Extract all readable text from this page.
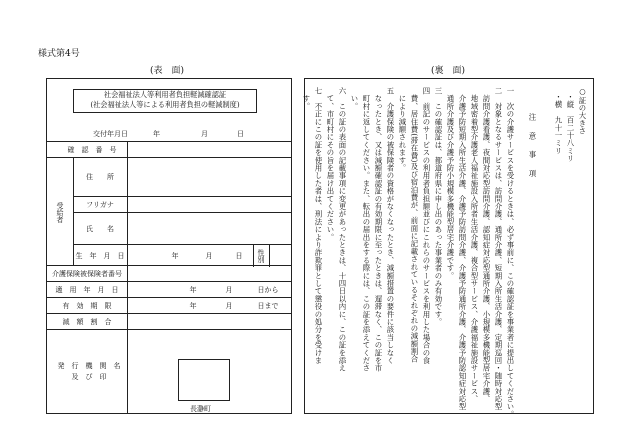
様式第4号
(表　面)	(裏　面)
社会福祉法人等利用者負担軽減確認証
(社会福祉法人等による利用者負担の軽減制度)
交付年月日	年	月	日
確　認　番　号
受給者
住　　所
フリガナ
氏　　名
生　年　月　日	年	月	日	性別
介護保険被保険者番号
適　用　年　月　日	年	月	日から
有　効　期　限	年	月	日まで
減　額　割　合
発　行　機　関　名　及　び　印
長瀞町
○証の大きさ
・縦　百二十八ミリ
・横　九十一ミリ
注　意　事　項
一　次の介護サービスを受けるときは、必ず事前に、この確認証を事業者に提出してください。
二　対象となるサービスは、訪問介護、通所介護、短期入所生活介護、定期巡回・随時対応型
　訪問介護看護、夜間対応型訪問介護、認知症対応型通所介護、小規模多機能型居宅介護、
　地域密着型介護老人福祉施設入所者生活介護、複合型サービス、介護福祉施設サービス、
　介護予防短期入所生活介護、介護予防訪問介護、介護予防通所介護、介護予防認知症対応型
　通所介護及び介護予防小規模多機能型居宅介護です。
三　この確認証は、都道府県に申し出のあった事業者のみ有効です。
四　前記のサービスの利用者負担額並びにこれらのサービスを利用した場合の食
　費、居住費(滞在費)及び宿泊費が、前面に記載されているそれぞれの減額割合
　により減額されます。
五　介護保険の被保険者の資格がなくなったとき、減額措置の要件に該当しなく
　なったとき、又は減額確認証の有効期限に至ったときは、遅滞なく、この証を市
　町村に返してください。また、転出の届出をする際には、この証を添えてくださ
　い。
六　この証の表面の記載事項に変更があったときは、十四日以内に、この証を添え
　て、市町村にその旨を届け出てください。
七　不正にこの証を使用した者は、刑法により詐欺罪として懲役の処分を受けま
　す。
